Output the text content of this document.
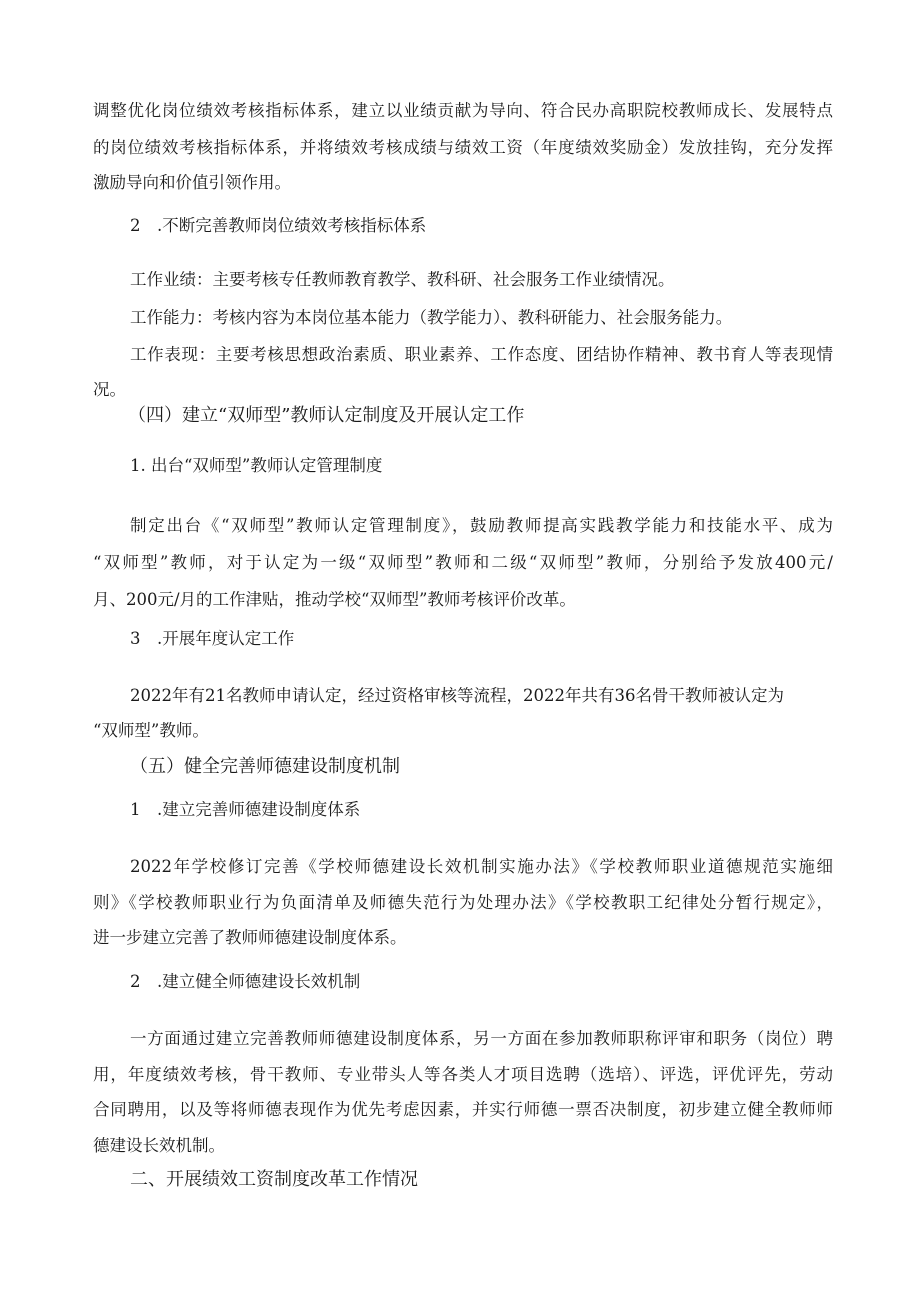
调整优化岗位绩效考核指标体系，建立以业绩贡献为导向、符合民办高职院校教师成长、发展特点

的岗位绩效考核指标体系，并将绩效考核成绩与绩效工资（年度绩效奖励金）发放挂钩，充分发挥

激励导向和价值引领作用。

2　.不断完善教师岗位绩效考核指标体系

工作业绩：主要考核专任教师教育教学、教科研、社会服务工作业绩情况。

工作能力：考核内容为本岗位基本能力（教学能力）、教科研能力、社会服务能力。

工作表现：主要考核思想政治素质、职业素养、工作态度、团结协作精神、教书育人等表现情

况。

（四）建立“双师型”教师认定制度及开展认定工作

1. 出台“双师型”教师认定管理制度

制定出台《“双师型”教师认定管理制度》，鼓励教师提高实践教学能力和技能水平、成为

“双师型”教师，对于认定为一级“双师型”教师和二级“双师型”教师，分别给予发放400元/

月、200元/月的工作津贴，推动学校“双师型”教师考核评价改革。

3　.开展年度认定工作

2022年有21名教师申请认定，经过资格审核等流程，2022年共有36名骨干教师被认定为

“双师型”教师。

（五）健全完善师德建设制度机制

1　.建立完善师德建设制度体系

2022年学校修订完善《学校师德建设长效机制实施办法》《学校教师职业道德规范实施细

则》《学校教师职业行为负面清单及师德失范行为处理办法》《学校教职工纪律处分暂行规定》，

进一步建立完善了教师师德建设制度体系。

2　.建立健全师德建设长效机制

一方面通过建立完善教师师德建设制度体系，另一方面在参加教师职称评审和职务（岗位）聘

用，年度绩效考核，骨干教师、专业带头人等各类人才项目选聘（选培）、评选，评优评先，劳动

合同聘用，以及等将师德表现作为优先考虑因素，并实行师德一票否决制度，初步建立健全教师师

德建设长效机制。

二、开展绩效工资制度改革工作情况
